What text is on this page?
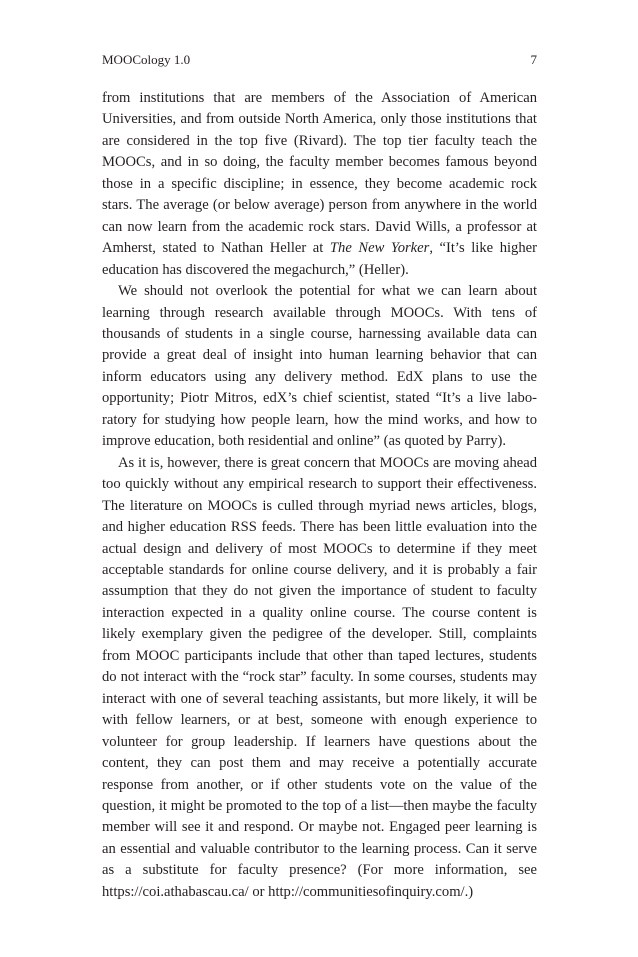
MOOCology 1.0	7

from institutions that are members of the Association of American Universities, and from outside North America, only those institutions that are considered in the top five (Rivard). The top tier faculty teach the MOOCs, and in so doing, the faculty member becomes famous beyond those in a specific discipline; in essence, they become academic rock stars. The average (or below average) person from anywhere in the world can now learn from the academic rock stars. David Wills, a professor at Amherst, stated to Nathan Heller at The New Yorker, “It’s like higher education has discovered the megachurch,” (Heller).

We should not overlook the potential for what we can learn about learning through research available through MOOCs. With tens of thousands of students in a single course, harnessing available data can provide a great deal of insight into human learning behavior that can inform educators using any delivery method. EdX plans to use the opportunity; Piotr Mitros, edX’s chief scientist, stated “It’s a live laboratory for studying how people learn, how the mind works, and how to improve education, both residential and online” (as quoted by Parry).

As it is, however, there is great concern that MOOCs are moving ahead too quickly without any empirical research to support their effectiveness. The literature on MOOCs is culled through myriad news articles, blogs, and higher education RSS feeds. There has been little evaluation into the actual design and delivery of most MOOCs to determine if they meet acceptable standards for online course delivery, and it is probably a fair assumption that they do not given the importance of student to faculty interaction expected in a quality online course. The course content is likely exemplary given the pedigree of the developer. Still, complaints from MOOC participants include that other than taped lectures, students do not interact with the “rock star” faculty. In some courses, students may interact with one of several teaching assistants, but more likely, it will be with fellow learners, or at best, someone with enough experience to volunteer for group leadership. If learners have questions about the content, they can post them and may receive a potentially accurate response from another, or if other students vote on the value of the question, it might be promoted to the top of a list—then maybe the faculty member will see it and respond. Or maybe not. Engaged peer learning is an essential and valuable contributor to the learning process. Can it serve as a substitute for faculty presence? (For more information, see https://coi.athabascau.ca/ or http://communitiesofinquiry.com/.)
